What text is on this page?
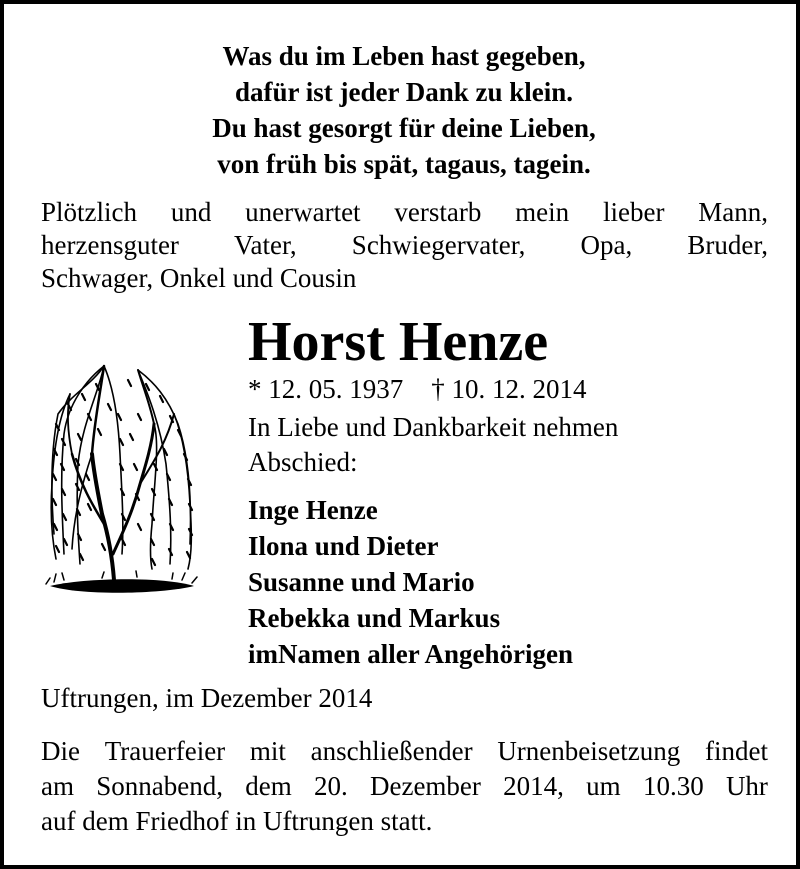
Was du im Leben hast gegeben,
dafür ist jeder Dank zu klein.
Du hast gesorgt für deine Lieben,
von früh bis spät, tagaus, tagein.
Plötzlich und unerwartet verstarb mein lieber Mann,
herzensguter Vater, Schwiegervater, Opa, Bruder,
Schwager, Onkel und Cousin
Horst Henze
* 12. 05. 1937 † 10. 12. 2014
In Liebe und Dankbarkeit nehmen
Abschied:
Inge Henze
Ilona und Dieter
Susanne und Mario
Rebekka und Markus
imNamen aller Angehörigen
Uftrungen, im Dezember 2014
Die Trauerfeier mit anschließender Urnenbeisetzung findet
am Sonnabend, dem 20. Dezember 2014, um 10.30 Uhr
auf dem Friedhof in Uftrungen statt.
